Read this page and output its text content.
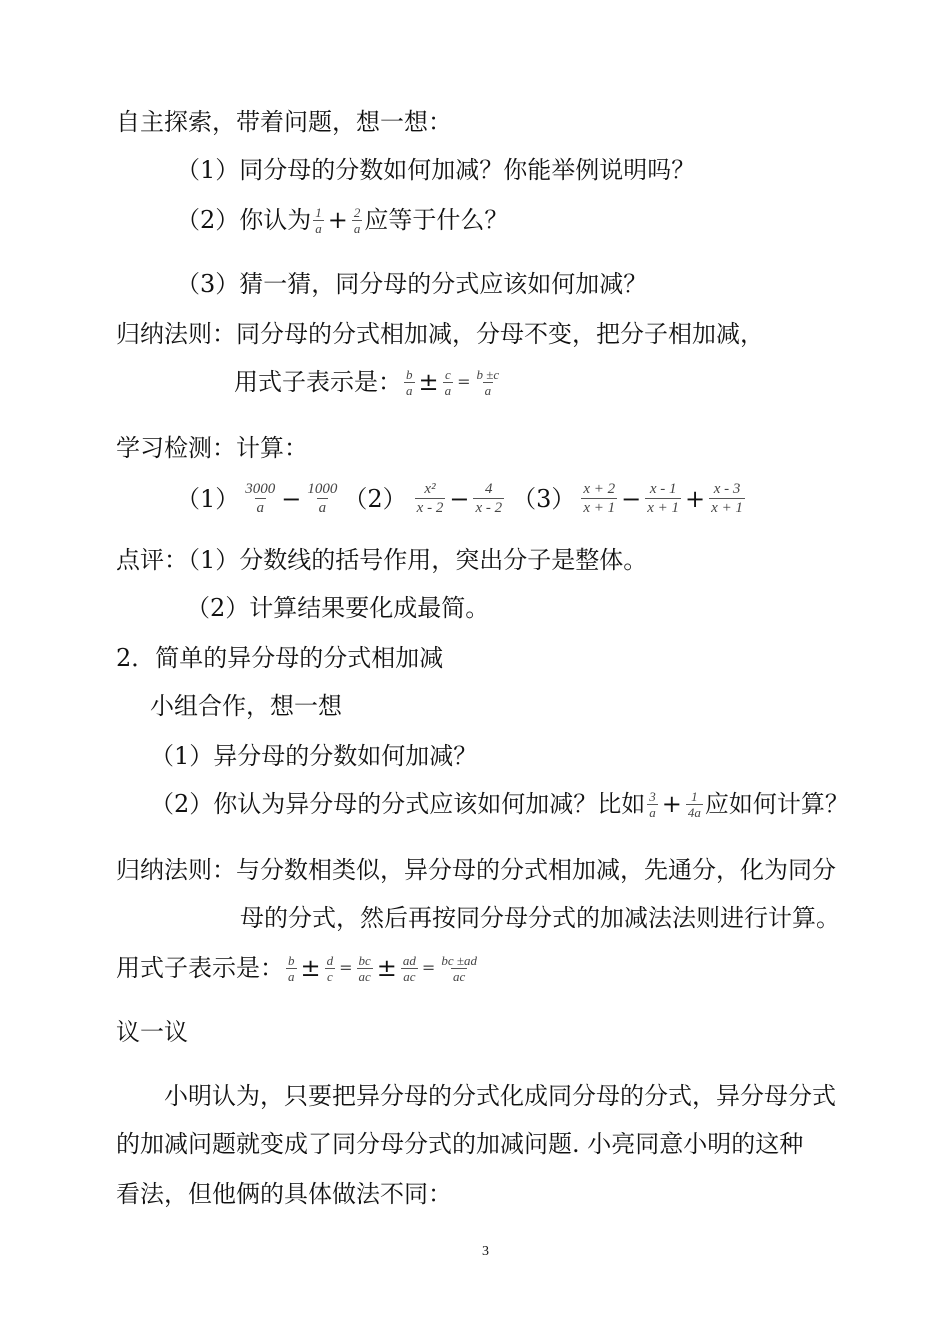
自主探索，带着问题，想一想：
（1）同分母的分数如何加减？你能举例说明吗？
（2）你认为 $\frac{1}{a} + \frac{2}{a}$ 应等于什么？
（3）猜一猜，同分母的分式应该如何加减？
归纳法则：同分母的分式相加减，分母不变，把分子相加减，
用式子表示是： $\frac{b}{a} \pm \frac{c}{a} = \frac{b \pm c}{a}$
学习检测：计算：
$(1) \frac{3000}{a} - \frac{1000}{a} (2) \frac{\text{x²}}{x - 2} - \frac{4}{x - 2} (3) \frac{x + 2}{x + 1} - \frac{x - 1}{x + 1} + \frac{x - 3}{x + 1}$
点评：（1）分数线的括号作用，突出分子是整体。
（2）计算结果要化成最简。
2．简单的异分母的分式相加减
小组合作，想一想
（1）异分母的分数如何加减？
（2）你认为异分母的分式应该如何加减？比如 $\frac{3}{a} + \frac{1}{4a}$ 应如何计算？
归纳法则：与分数相类似，异分母的分式相加减，先通分，化为同分
母的分式，然后再按同分母分式的加减法法则进行计算。
用式子表示是： $\frac{b}{a} \pm \frac{d}{c} = \frac{bc}{ac} \pm \frac{ad}{ac} = \frac{bc \pm ad}{ac}$
议一议
小明认为，只要把异分母的分式化成同分母的分式，异分母分式
的加减问题就变成了同分母分式的加减问题. 小亮同意小明的这种
看法，但他俩的具体做法不同：
3
